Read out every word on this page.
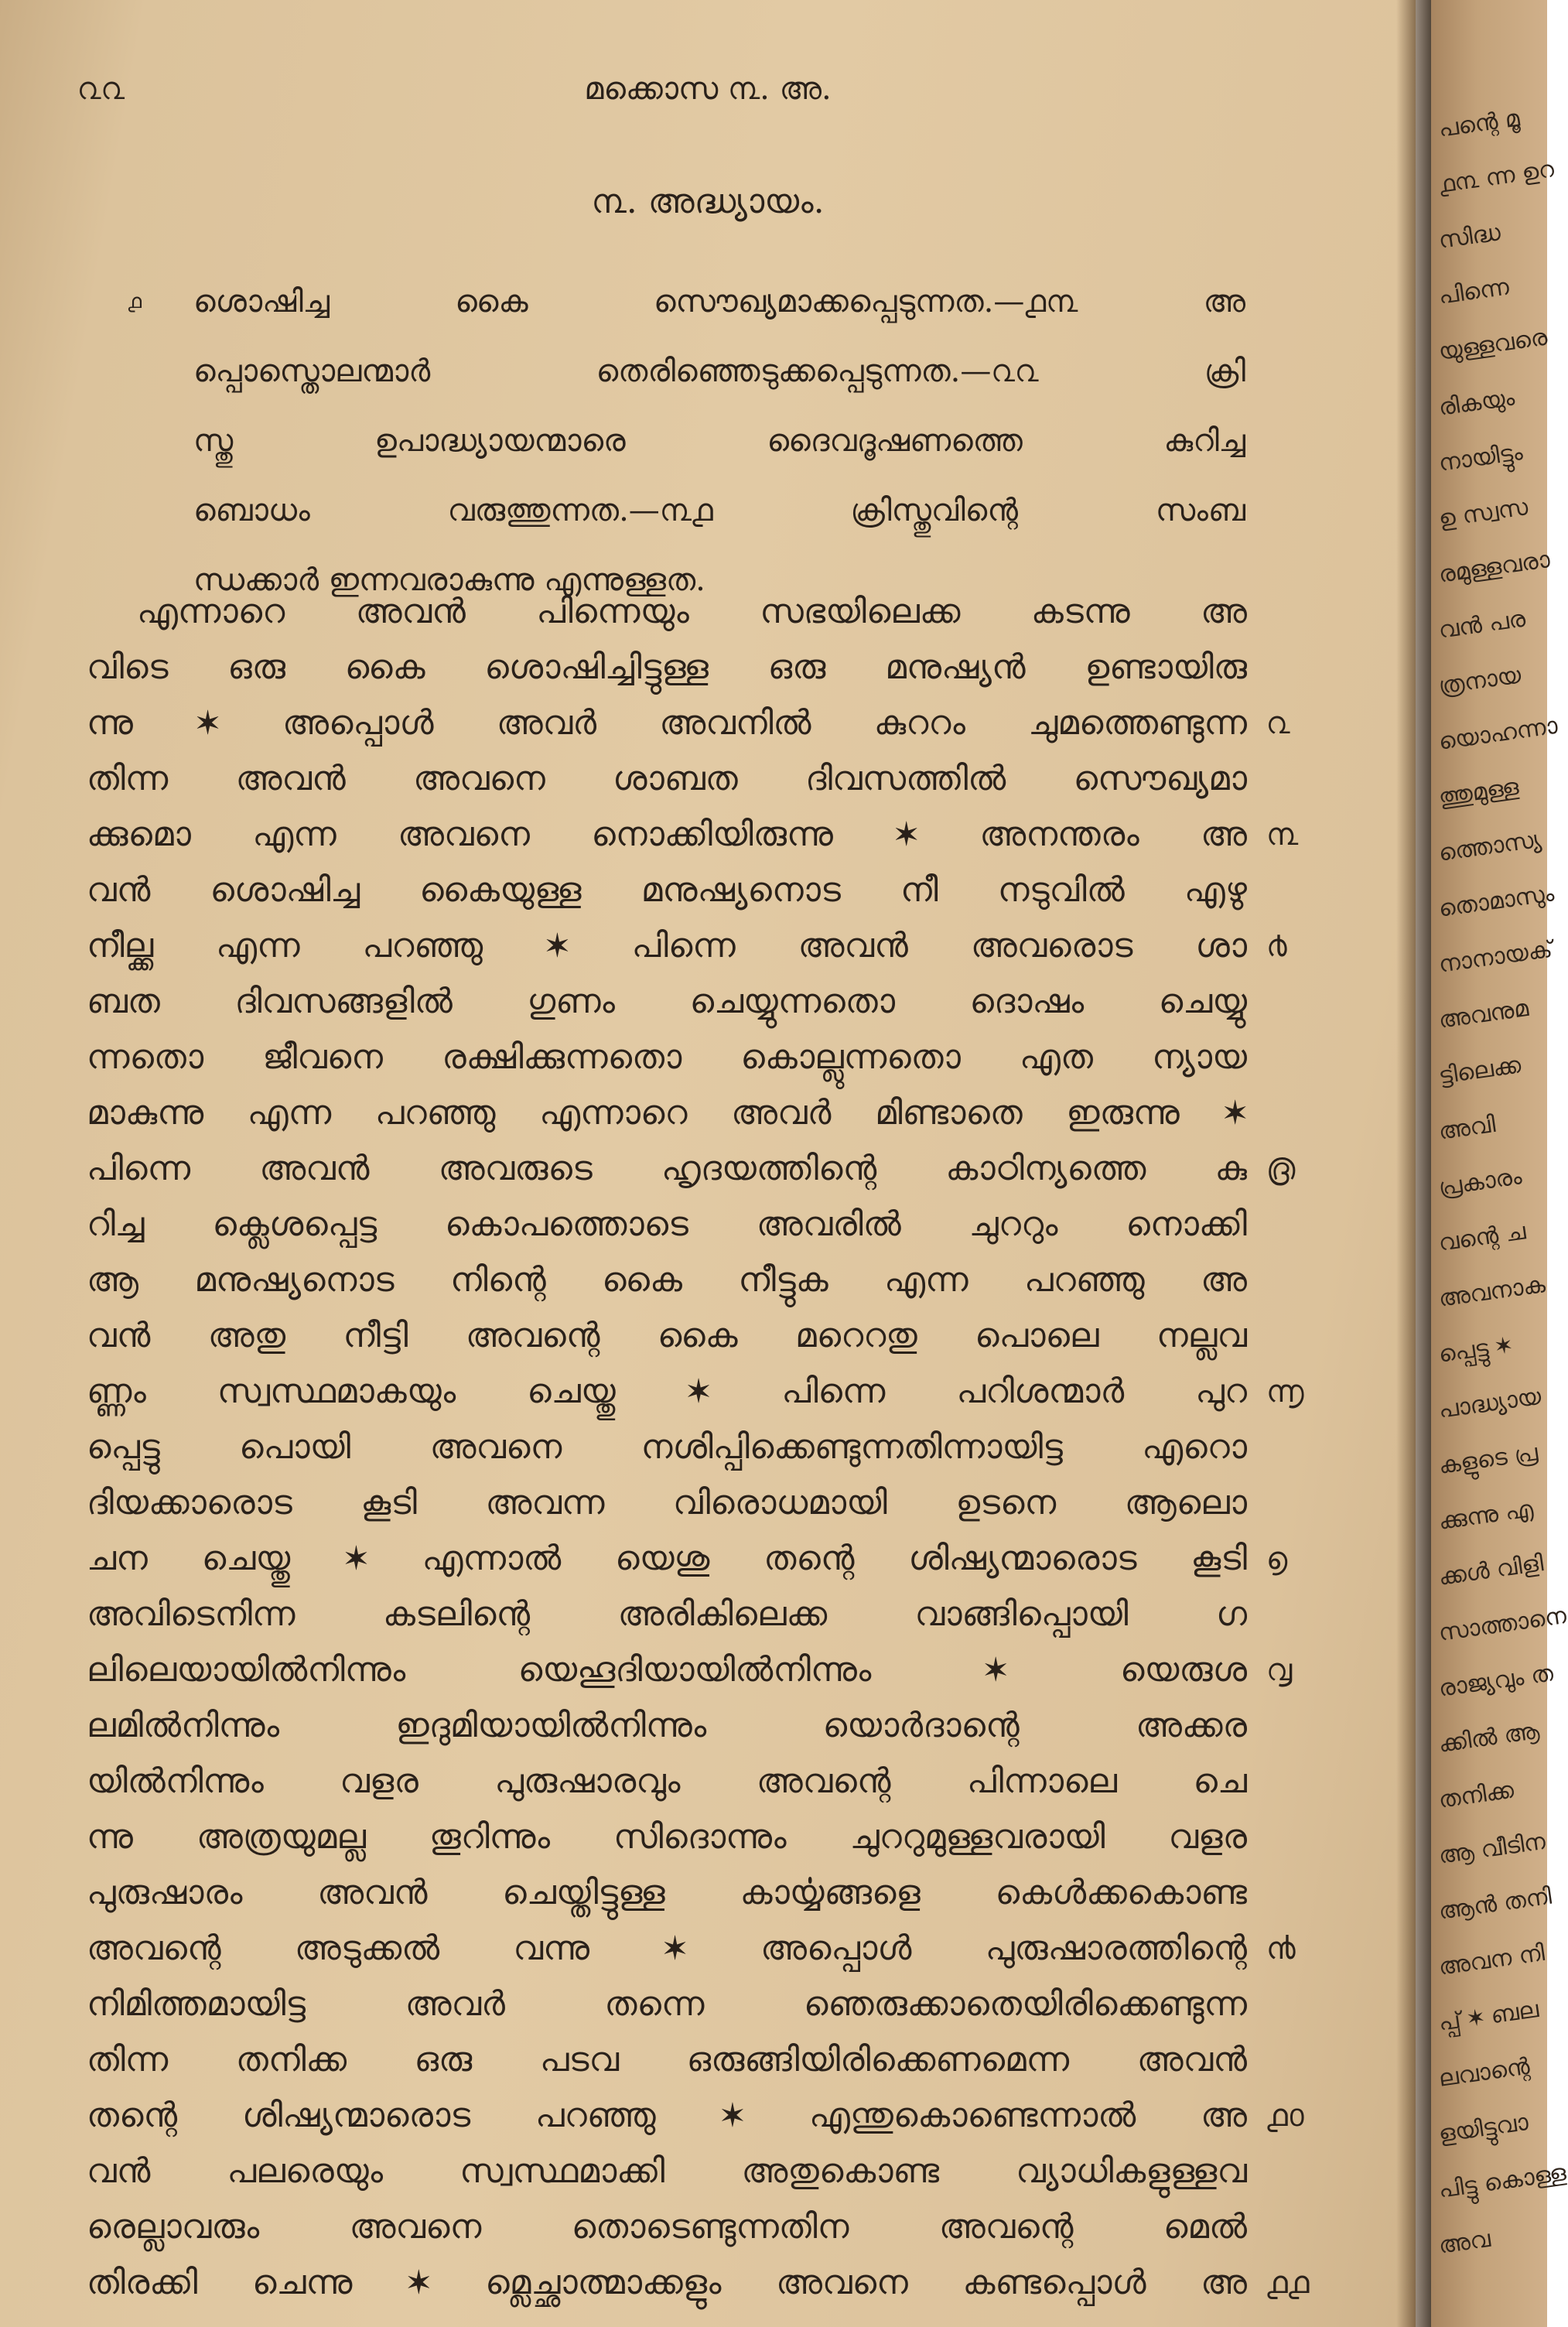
൨൨	മക്കൊസ ൩. അ.
൩. അദ്ധ്യായം.
ശൊഷിച്ച കൈ സൌഖ്യമാക്കപ്പെടുന്നത.—൧൩ അ
൧
പ്പൊസ്തൊലന്മാർ തെരിഞ്ഞെടുക്കപ്പെടുന്നത.—൨൨ ക്രി
സ്തു ഉപാദ്ധ്യായന്മാരെ ദൈവദൂഷണത്തെ കുറിച്ച
ബൊധം വരുത്തുന്നത.—൩൧ ക്രിസ്തുവിന്റെ സംബ
ന്ധക്കാർ ഇന്നവരാകുന്നു എന്നുള്ളത.
എന്നാറെ അവൻ പിന്നെയും സഭയിലെക്ക കടന്നു അ
വിടെ ഒരു കൈ ശൊഷിച്ചിട്ടുള്ള ഒരു മനുഷ്യൻ ഉണ്ടായിരു
ന്നു ✶ അപ്പൊൾ അവർ അവനിൽ കുററം ചുമത്തെണ്ടുന്ന ൨
തിന്ന അവൻ അവനെ ശാബത ദിവസത്തിൽ സൌഖ്യമാ
ക്കുമൊ എന്ന അവനെ നൊക്കിയിരുന്നു ✶ അനന്തരം അ ൩
വൻ ശൊഷിച്ച കൈയുള്ള മനുഷ്യനൊട നീ നടുവിൽ എഴു
നീല്ക്ക എന്ന പറഞ്ഞു ✶ പിന്നെ അവൻ അവരൊട ശാ ൪
ബത ദിവസങ്ങളിൽ ഗുണം ചെയ്യുന്നതൊ ദൊഷം ചെയ്യു
ന്നതൊ ജീവനെ രക്ഷിക്കുന്നതൊ കൊല്ലുന്നതൊ എത ന്യായ
മാകുന്നു എന്ന പറഞ്ഞു എന്നാറെ അവർ മിണ്ടാതെ ഇരുന്നു ✶
പിന്നെ അവൻ അവരുടെ ഹൃദയത്തിന്റെ കാഠിന്യത്തെ കു ൫
റിച്ച ക്ലെശപ്പെട്ട കൊപത്തൊടെ അവരിൽ ചുററും നൊക്കി
ആ മനുഷ്യനൊട നിന്റെ കൈ നീട്ടുക എന്ന പറഞ്ഞു അ
വൻ അതു നീട്ടി അവന്റെ കൈ മറെറതു പൊലെ നല്ലവ
ണ്ണം സ്വസ്ഥമാകയും ചെയ്തു ✶ പിന്നെ പറിശന്മാർ പുറ ൬
പ്പെട്ടു പൊയി അവനെ നശിപ്പിക്കെണ്ടുന്നതിന്നായിട്ട എറൊ
ദിയക്കാരൊട കൂടി അവന്ന വിരൊധമായി ഉടനെ ആലൊ
ചന ചെയ്തു ✶ എന്നാൽ യെശു തന്റെ ശിഷ്യന്മാരൊട കൂടി ൭
അവിടെനിന്ന കടലിന്റെ അരികിലെക്ക വാങ്ങിപ്പൊയി ഗ
ലിലെയായിൽനിന്നും യെഹൂദിയായിൽനിന്നും ✶ യെരുശ ൮
ലമിൽനിന്നും ഇദുമിയായിൽനിന്നും യൊർദാന്റെ അക്കര
യിൽനിന്നും വളര പുരുഷാരവും അവന്റെ പിന്നാലെ ചെ
ന്നു അത്രയുമല്ല തൂറിന്നും സിദൊന്നും ചുററുമുള്ളവരായി വളര
പുരുഷാരം അവൻ ചെയ്തിട്ടുള്ള കാൎയ്യങ്ങളെ കെൾക്കകൊണ്ട
അവന്റെ അടുക്കൽ വന്നു ✶ അപ്പൊൾ പുരുഷാരത്തിന്റെ ൯
നിമിത്തമായിട്ട അവർ തന്നെ ഞെരുക്കാതെയിരിക്കെണ്ടുന്ന
തിന്ന തനിക്ക ഒരു പടവ ഒരുങ്ങിയിരിക്കെണമെന്ന അവൻ
തന്റെ ശിഷ്യന്മാരൊട പറഞ്ഞു ✶ എന്തുകൊണ്ടെന്നാൽ അ ൧൦
വൻ പലരെയും സ്വസ്ഥമാക്കി അതുകൊണ്ട വ്യാധികളുള്ളവ
രെല്ലാവരും അവനെ തൊടെണ്ടുന്നതിന അവന്റെ മെൽ
തിരക്കി ചെന്നു ✶ മ്ലെച്ഛാത്മാക്കളും അവനെ കണ്ടപ്പൊൾ അ ൧൧
പന്റെ മൂ
൧൩ ന്ന ഉറ
സിദ്ധ
പിന്നെ
യുള്ളവരെ
രികയും
നായിട്ടും
ഉ സ്വസ
രമുള്ളവരാ
വൻ പര
ത്രനായ
യൊഹന്നാ
ത്തുമുള്ള
ത്തൊസ്യ
തൊമാസും
നാനായക്
അവനുമ
ട്ടിലെക്ക
അവി
പ്രകാരം
വന്റെ ച
അവനാക
പ്പെട്ടു ✶
പാദ്ധ്യായ
കളുടെ പ്ര
ക്കുന്നു എ
ക്കൾ വിളി
സാത്താനെ
രാജ്യവും ത
ക്കിൽ ആ
തനിക്ക
ആ വീടിന
ആൻ തനി
അവന നി
പ്പ് ✶ ബല
ലവാന്റെ
ളയിട്ടുവാ
പിട്ടു കൊള്ള
അവ
